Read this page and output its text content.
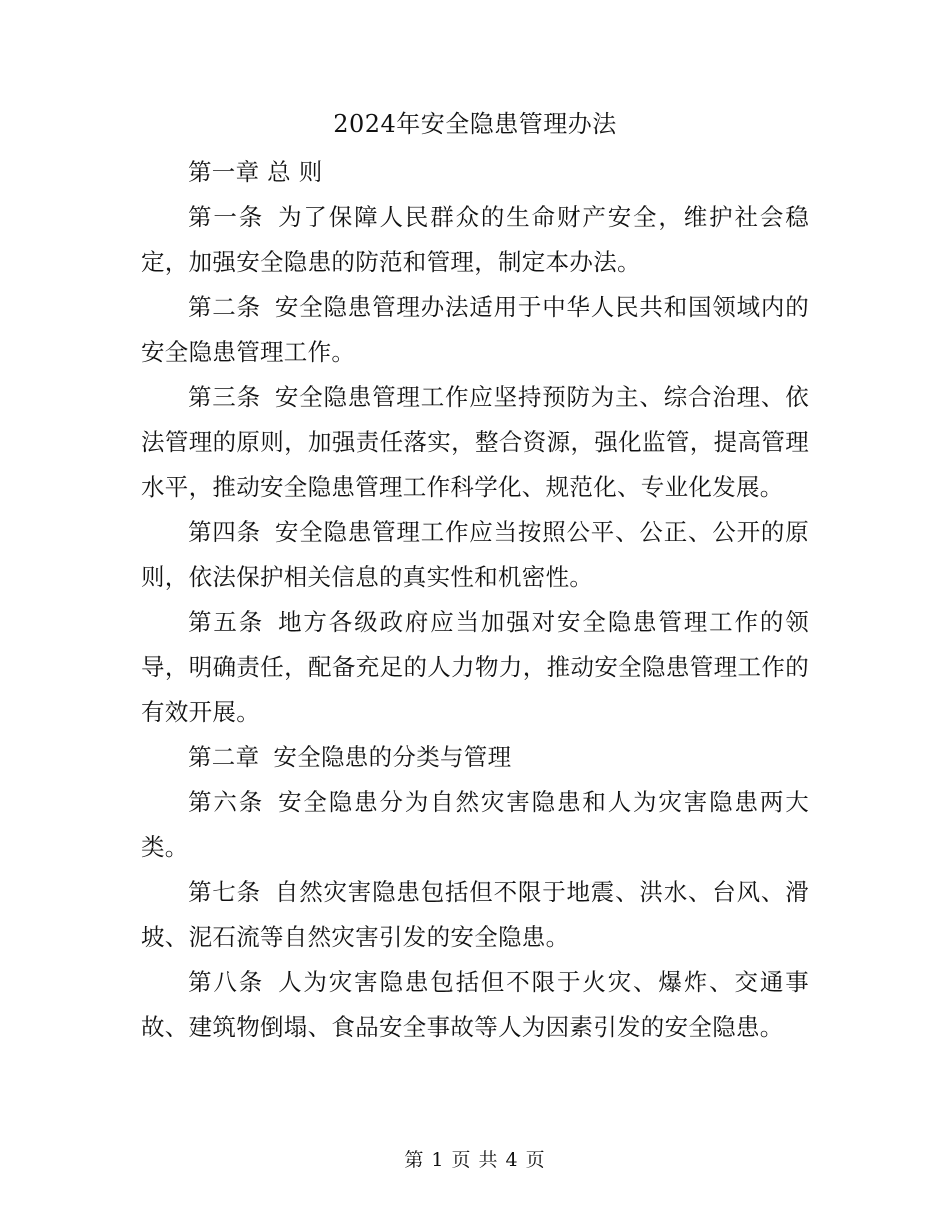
2024年安全隐患管理办法

第一章 总 则

第一条 为了保障人民群众的生命财产安全，维护社会稳定，加强安全隐患的防范和管理，制定本办法。

第二条 安全隐患管理办法适用于中华人民共和国领域内的安全隐患管理工作。

第三条 安全隐患管理工作应坚持预防为主、综合治理、依法管理的原则，加强责任落实，整合资源，强化监管，提高管理水平，推动安全隐患管理工作科学化、规范化、专业化发展。

第四条 安全隐患管理工作应当按照公平、公正、公开的原则，依法保护相关信息的真实性和机密性。

第五条 地方各级政府应当加强对安全隐患管理工作的领导，明确责任，配备充足的人力物力，推动安全隐患管理工作的有效开展。

第二章 安全隐患的分类与管理

第六条 安全隐患分为自然灾害隐患和人为灾害隐患两大类。

第七条 自然灾害隐患包括但不限于地震、洪水、台风、滑坡、泥石流等自然灾害引发的安全隐患。

第八条 人为灾害隐患包括但不限于火灾、爆炸、交通事故、建筑物倒塌、食品安全事故等人为因素引发的安全隐患。

第 1 页 共 4 页
